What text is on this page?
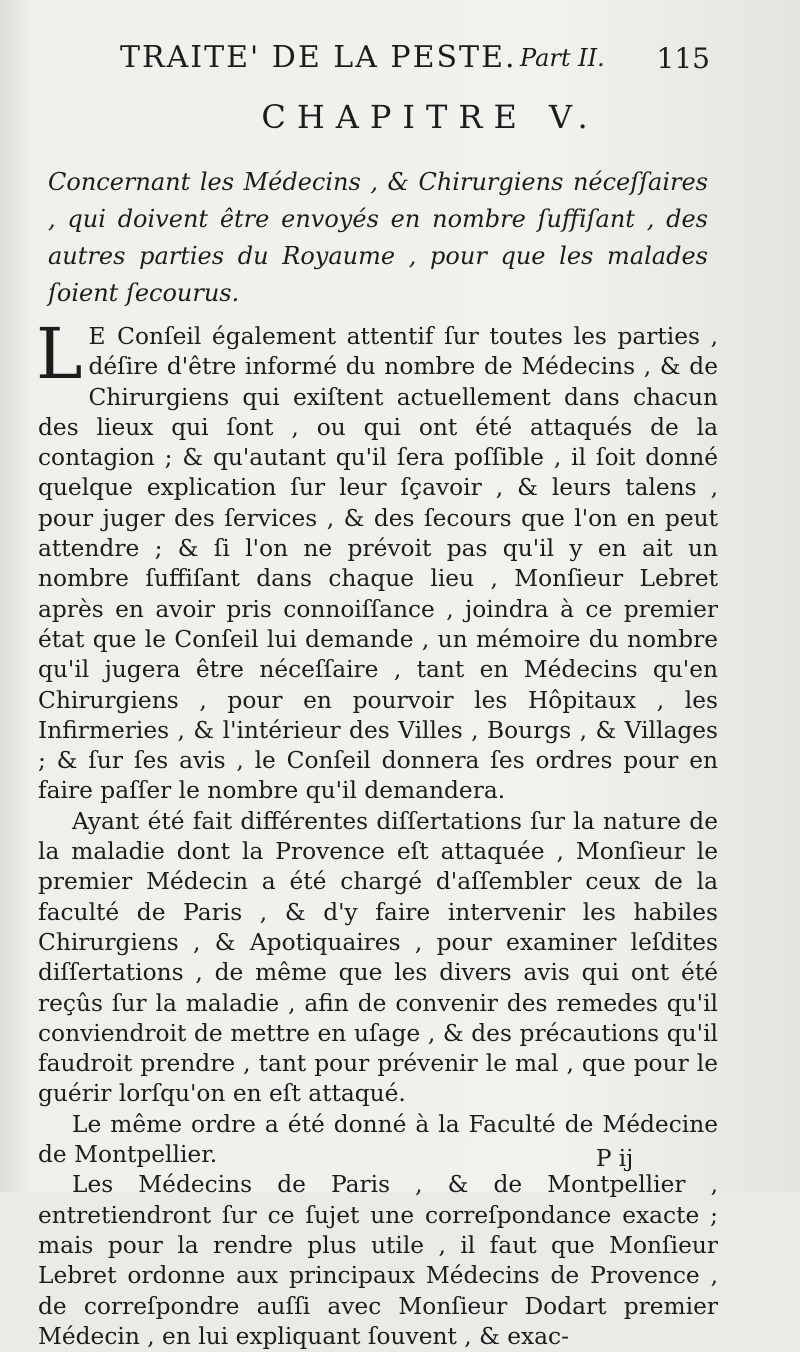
TRAITE' DE LA PESTE. Part II. 115
CHAPITRE V.

Concernant les Médecins , & Chirurgiens néceſſaires , qui doivent être envoyés en nombre ſuffiſant , des autres parties du Royaume , pour que les malades ſoient ſecourus.

L E Conſeil également attentif ſur toutes les parties , déſire d'être informé du nombre de Médecins , & de Chirurgiens qui exiſtent actuellement dans chacun des lieux qui ſont , ou qui ont été attaqués de la contagion ; & qu'autant qu'il ſera poſſible , il ſoit donné quelque explication ſur leur ſçavoir , & leurs talens , pour juger des ſervices , & des ſecours que l'on en peut attendre ; & ſi l'on ne prévoit pas qu'il y en ait un nombre ſuffiſant dans chaque lieu , Monſieur Lebret après en avoir pris connoiſſance , joindra à ce premier état que le Conſeil lui demande , un mémoire du nombre qu'il jugera être néceſſaire , tant en Médecins qu'en Chirurgiens , pour en pourvoir les Hôpitaux , les Infirmeries , & l'intérieur des Villes , Bourgs , & Villages ; & ſur ſes avis , le Conſeil donnera ſes ordres pour en faire paſſer le nombre qu'il demandera.

Ayant été fait différentes diſſertations ſur la nature de la maladie dont la Provence eſt attaquée , Monſieur le premier Médecin a été chargé d'aſſembler ceux de la faculté de Paris , & d'y faire intervenir les habiles Chirurgiens , & Apotiquaires , pour examiner leſdites diſſertations , de même que les divers avis qui ont été reçûs ſur la maladie , afin de convenir des remedes qu'il conviendroit de mettre en uſage , & des précautions qu'il faudroit prendre , tant pour prévenir le mal , que pour le guérir lorſqu'on en eſt attaqué.

Le même ordre a été donné à la Faculté de Médecine de Montpellier.

Les Médecins de Paris , & de Montpellier , entretiendront ſur ce ſujet une correſpondance exacte ; mais pour la rendre plus utile , il faut que Monſieur Lebret ordonne aux principaux Médecins de Provence , de correſpondre auſſi avec Monſieur Dodart premier Médecin , en lui expliquant ſouvent , & exac-

P ij
